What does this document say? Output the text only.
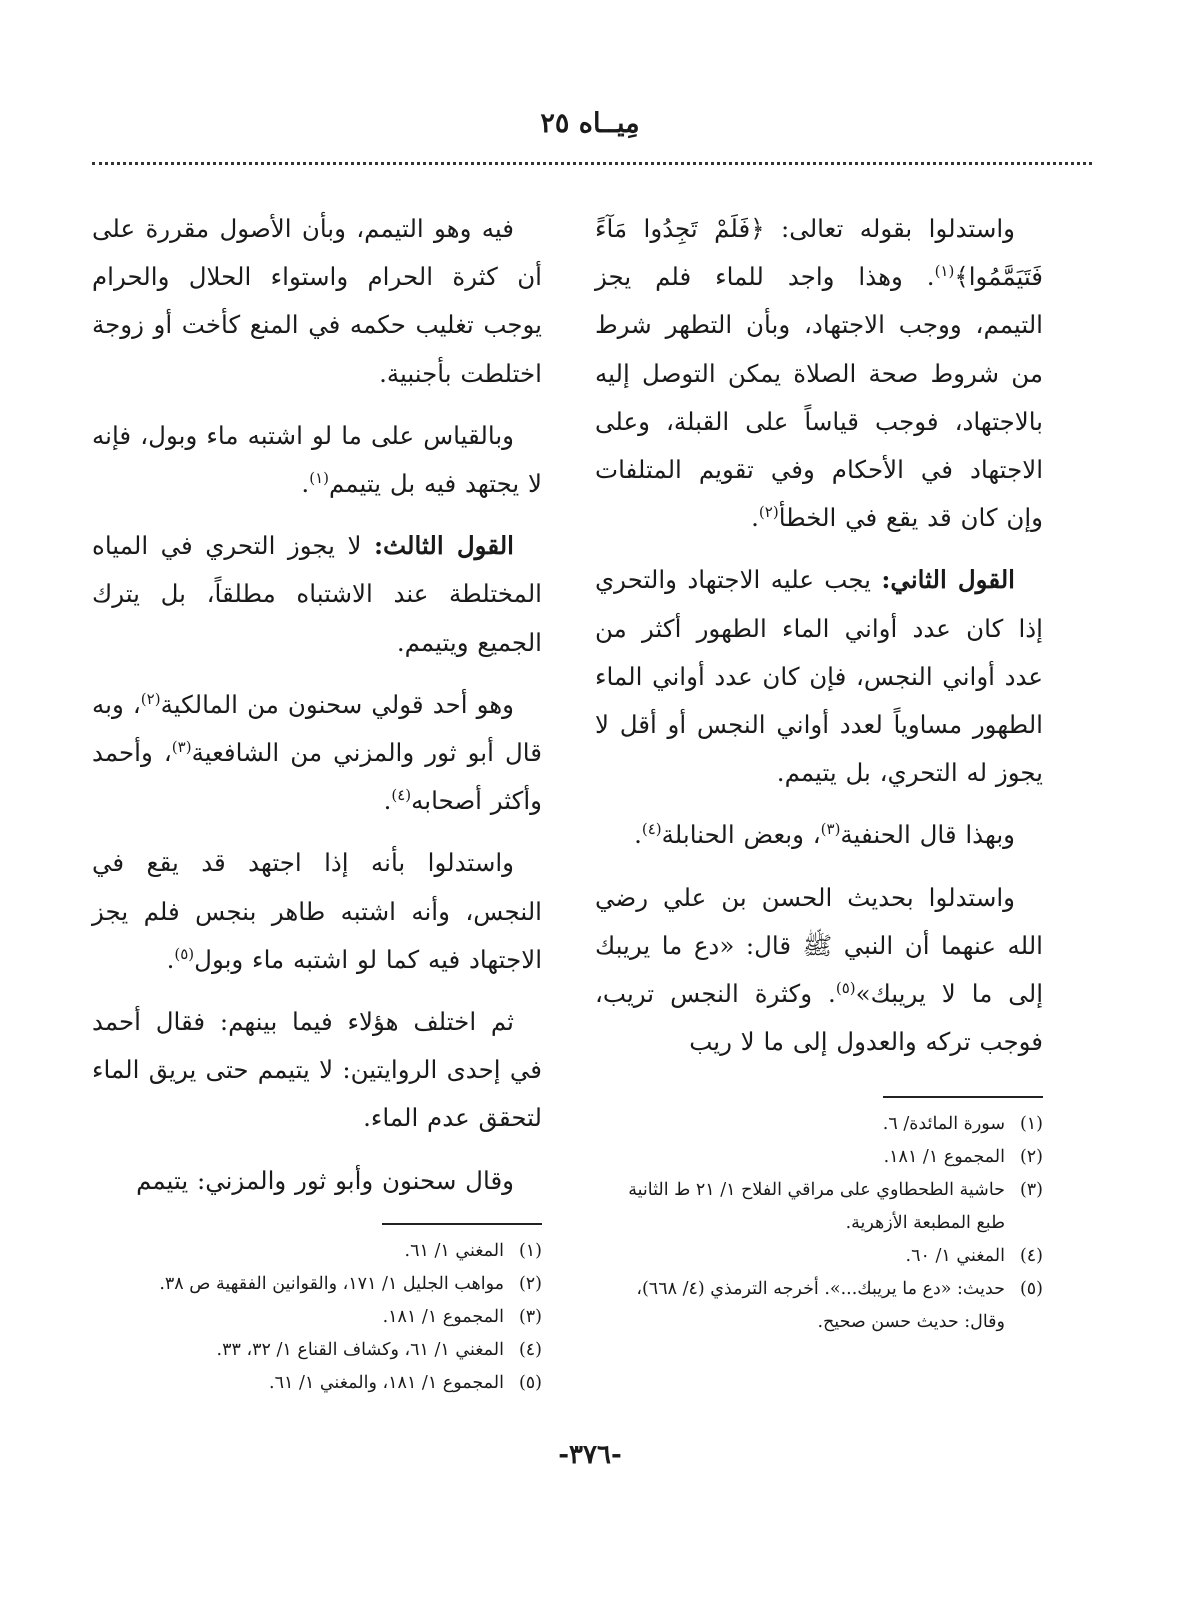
مِيــاه ٢٥

واستدلوا بقوله تعالى: ﴿فَلَمْ تَجِدُوا مَآءً فَتَيَمَّمُوا﴾$^{(١)}$. وهذا واجد للماء فلم يجز التيمم، ووجب الاجتهاد، وبأن التطهر شرط من شروط صحة الصلاة يمكن التوصل إليه بالاجتهاد، فوجب قياساً على القبلة، وعلى الاجتهاد في الأحكام وفي تقويم المتلفات وإن كان قد يقع في الخطأ$^{(٢)}$.

القول الثاني: يجب عليه الاجتهاد والتحري إذا كان عدد أواني الماء الطهور أكثر من عدد أواني النجس، فإن كان عدد أواني الماء الطهور مساوياً لعدد أواني النجس أو أقل لا يجوز له التحري، بل يتيمم.

وبهذا قال الحنفية$^{(٣)}$، وبعض الحنابلة$^{(٤)}$.

واستدلوا بحديث الحسن بن علي رضي الله عنهما أن النبي ﷺ قال: «دع ما يريبك إلى ما لا يريبك»$^{(٥)}$. وكثرة النجس تريب، فوجب تركه والعدول إلى ما لا ريب

(١)سورة المائدة/ ٦.

(٢)المجموع ١/ ١٨١.

(٣)حاشية الطحطاوي على مراقي الفلاح ١/ ٢١ ط الثانية طبع المطبعة الأزهرية.

(٤)المغني ١/ ٦٠.

(٥)حديث: «دع ما يريبك...». أخرجه الترمذي (٤/ ٦٦٨)، وقال: حديث حسن صحيح.

فيه وهو التيمم، وبأن الأصول مقررة على أن كثرة الحرام واستواء الحلال والحرام يوجب تغليب حكمه في المنع كأخت أو زوجة اختلطت بأجنبية.

وبالقياس على ما لو اشتبه ماء وبول، فإنه لا يجتهد فيه بل يتيمم$^{(١)}$.

القول الثالث: لا يجوز التحري في المياه المختلطة عند الاشتباه مطلقاً، بل يترك الجميع ويتيمم.

وهو أحد قولي سحنون من المالكية$^{(٢)}$، وبه قال أبو ثور والمزني من الشافعية$^{(٣)}$، وأحمد وأكثر أصحابه$^{(٤)}$.

واستدلوا بأنه إذا اجتهد قد يقع في النجس، وأنه اشتبه طاهر بنجس فلم يجز الاجتهاد فيه كما لو اشتبه ماء وبول$^{(٥)}$.

ثم اختلف هؤلاء فيما بينهم: فقال أحمد في إحدى الروايتين: لا يتيمم حتى يريق الماء لتحقق عدم الماء.

وقال سحنون وأبو ثور والمزني: يتيمم

(١)المغني ١/ ٦١.

(٢)مواهب الجليل ١/ ١٧١، والقوانين الفقهية ص ٣٨.

(٣)المجموع ١/ ١٨١.

(٤)المغني ١/ ٦١، وكشاف القناع ١/ ٣٢، ٣٣.

(٥)المجموع ١/ ١٨١، والمغني ١/ ٦١.

-٣٧٦-
